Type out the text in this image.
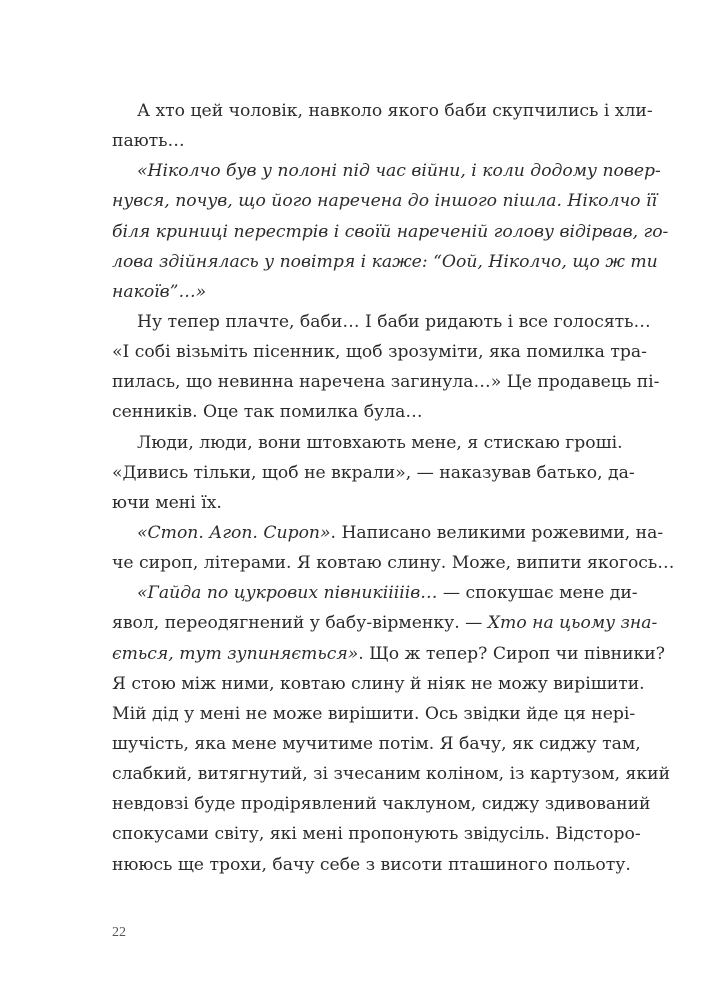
А хто цей чоловік, навколо якого баби скупчились і хли-
пають…
«Ніколчо був у полоні під час війни, і коли додому повер-
нувся, почув, що його наречена до іншого пішла. Ніколчо її
біля криниці перестрів і своїй нареченій голову відірвав, го-
лова здійнялась у повітря і каже: “Оой, Ніколчо, що ж ти
накоїв”…»
Ну тепер плачте, баби… І баби ридають і все голосять…
«І собі візьміть пісенник, щоб зрозуміти, яка помилка тра-
пилась, що невинна наречена загинула…» Це продавець пі-
сенників. Оце так помилка була…
Люди, люди, вони штовхають мене, я стискаю гроші.
«Дивись тільки, щоб не вкрали», — наказував батько, да-
ючи мені їх.
«Стоп. Агоп. Сироп». Написано великими рожевими, на-
че сироп, літерами. Я ковтаю слину. Може, випити якогось…
«Гайда по цукрових півникііііів… — спокушає мене ди-
явол, переодягнений у бабу-вірменку. — Хто на цьому зна-
ється, тут зупиняється». Що ж тепер? Сироп чи півники?
Я стою між ними, ковтаю слину й ніяк не можу вирішити.
Мій дід у мені не може вирішити. Ось звідки йде ця нері-
шучість, яка мене мучитиме потім. Я бачу, як сиджу там,
слабкий, витягнутий, зі зчесаним коліном, із картузом, який
невдовзі буде продірявлений чаклуном, сиджу здивований
спокусами світу, які мені пропонують звідусіль. Відсторо-
нююсь ще трохи, бачу себе з висоти пташиного польоту.
22
